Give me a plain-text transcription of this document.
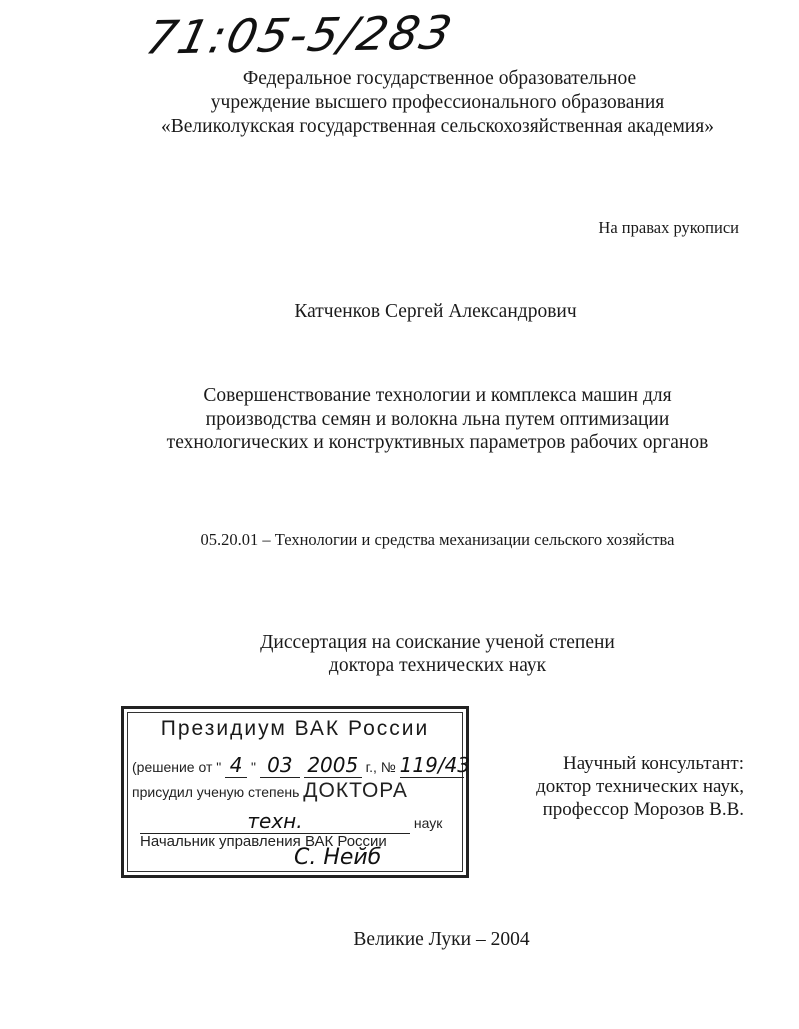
71:05-5/283
Федеральное государственное образовательное
учреждение высшего профессионального образования
«Великолукская государственная сельскохозяйственная академия»
На правах рукописи
Катченков Сергей Александрович
Совершенствование технологии и комплекса машин для
производства семян и волокна льна путем оптимизации
технологических и конструктивных параметров рабочих органов
05.20.01 – Технологии и средства механизации сельского хозяйства
Диссертация на соискание ученой степени
доктора технических наук
Президиум ВАК России
(решение от " 4 " 03 2005 г., № 119/43
присудил ученую степень ДОКТОРА
техн.	наук
Начальник управления ВАК России
С. Нейб
Научный консультант:
доктор технических наук,
профессор Морозов В.В.
Великие Луки – 2004
